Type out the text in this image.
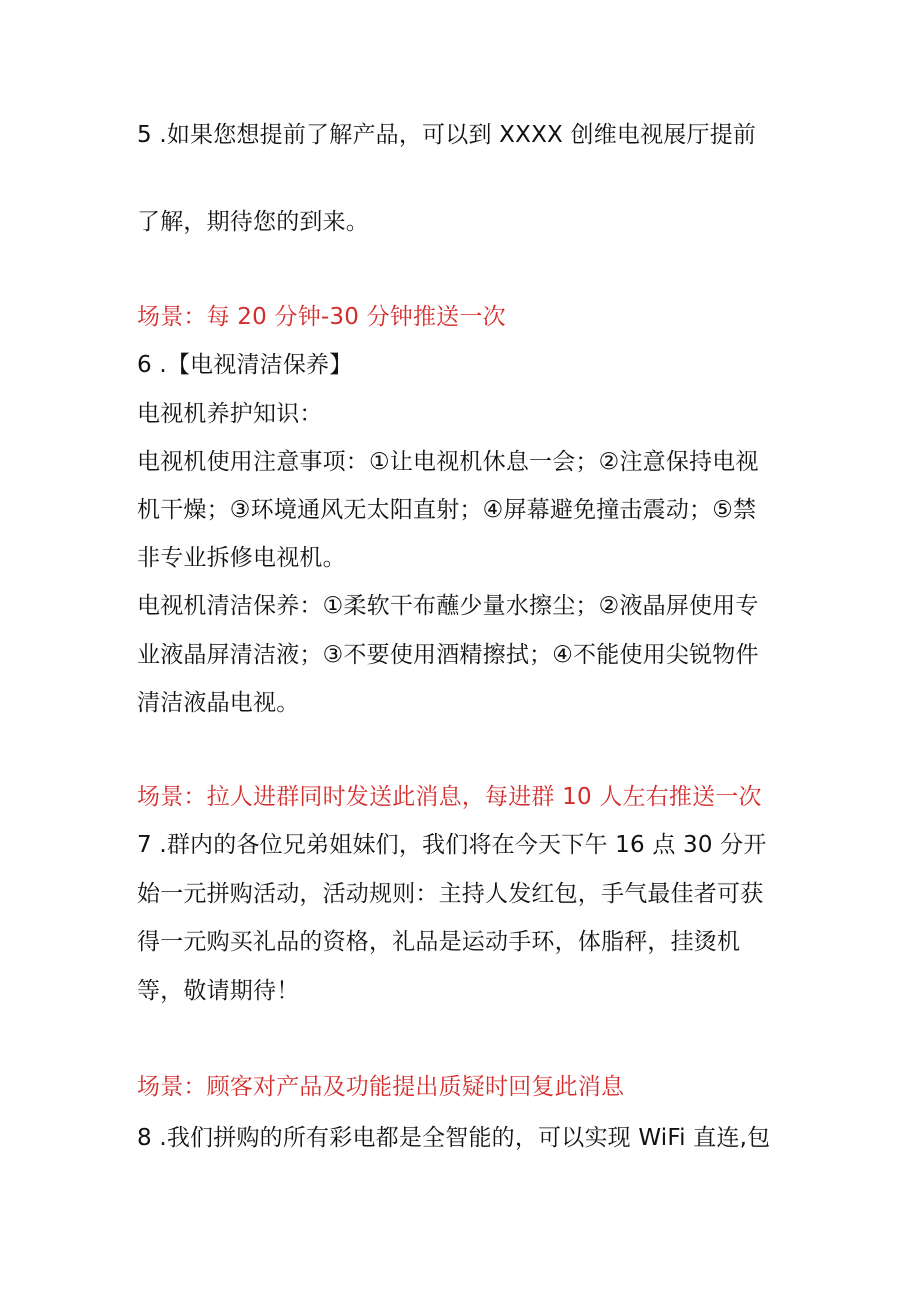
5 .如果您想提前了解产品，可以到 XXXX 创维电视展厅提前
了解，期待您的到来。
场景：每 20 分钟-30 分钟推送一次
6 .【电视清洁保养】
电视机养护知识：
电视机使用注意事项：①让电视机休息一会；②注意保持电视
机干燥；③环境通风无太阳直射；④屏幕避免撞击震动；⑤禁
非专业拆修电视机。
电视机清洁保养：①柔软干布蘸少量水擦尘；②液晶屏使用专
业液晶屏清洁液；③不要使用酒精擦拭；④不能使用尖锐物件
清洁液晶电视。
场景：拉人进群同时发送此消息，每进群 10 人左右推送一次
7 .群内的各位兄弟姐妹们，我们将在今天下午 16 点 30 分开
始一元拼购活动，活动规则：主持人发红包，手气最佳者可获
得一元购买礼品的资格，礼品是运动手环，体脂秤，挂烫机
等，敬请期待！
场景：顾客对产品及功能提出质疑时回复此消息
8 .我们拼购的所有彩电都是全智能的，可以实现 WiFi 直连,包
